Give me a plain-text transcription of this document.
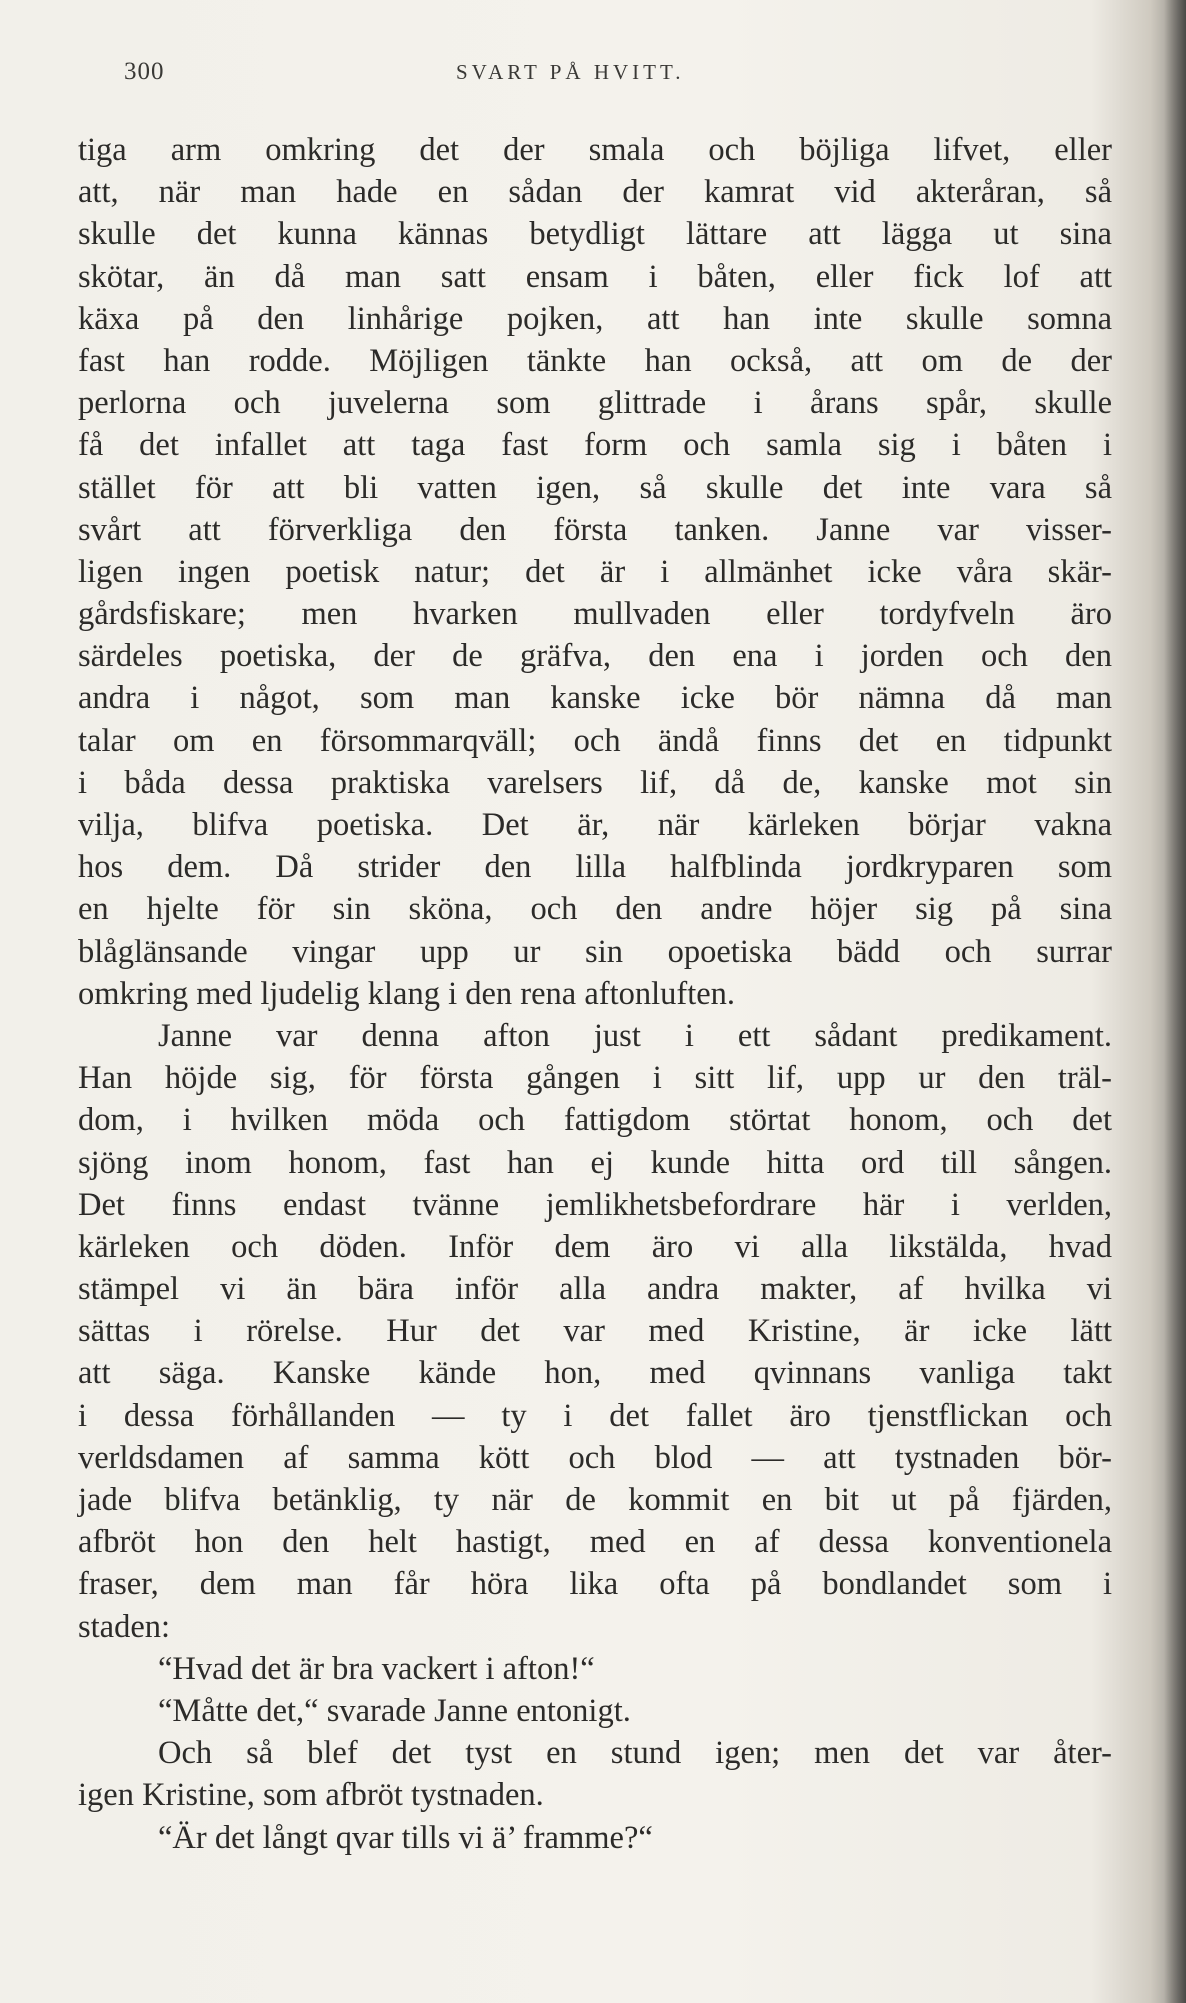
300	SVART PÅ HVITT.
tiga arm omkring det der smala och böjliga lifvet, eller
att, när man hade en sådan der kamrat vid akteråran, så
skulle det kunna kännas betydligt lättare att lägga ut sina
skötar, än då man satt ensam i båten, eller fick lof att
käxa på den linhårige pojken, att han inte skulle somna
fast han rodde. Möjligen tänkte han också, att om de der
perlorna och juvelerna som glittrade i årans spår, skulle
få det infallet att taga fast form och samla sig i båten i
stället för att bli vatten igen, så skulle det inte vara så
svårt att förverkliga den första tanken. Janne var visser-
ligen ingen poetisk natur; det är i allmänhet icke våra skär-
gårdsfiskare; men hvarken mullvaden eller tordyfveln äro
särdeles poetiska, der de gräfva, den ena i jorden och den
andra i något, som man kanske icke bör nämna då man
talar om en försommarqväll; och ändå finns det en tidpunkt
i båda dessa praktiska varelsers lif, då de, kanske mot sin
vilja, blifva poetiska. Det är, när kärleken börjar vakna
hos dem. Då strider den lilla halfblinda jordkryparen som
en hjelte för sin sköna, och den andre höjer sig på sina
blåglänsande vingar upp ur sin opoetiska bädd och surrar
omkring med ljudelig klang i den rena aftonluften.
Janne var denna afton just i ett sådant predikament.
Han höjde sig, för första gången i sitt lif, upp ur den träl-
dom, i hvilken möda och fattigdom störtat honom, och det
sjöng inom honom, fast han ej kunde hitta ord till sången.
Det finns endast tvänne jemlikhetsbefordrare här i verlden,
kärleken och döden. Inför dem äro vi alla likstälda, hvad
stämpel vi än bära inför alla andra makter, af hvilka vi
sättas i rörelse. Hur det var med Kristine, är icke lätt
att säga. Kanske kände hon, med qvinnans vanliga takt
i dessa förhållanden — ty i det fallet äro tjenstflickan och
verldsdamen af samma kött och blod — att tystnaden bör-
jade blifva betänklig, ty när de kommit en bit ut på fjärden,
afbröt hon den helt hastigt, med en af dessa konventionela
fraser, dem man får höra lika ofta på bondlandet som i
staden:
“Hvad det är bra vackert i afton!“
“Måtte det,“ svarade Janne entonigt.
Och så blef det tyst en stund igen; men det var åter-
igen Kristine, som afbröt tystnaden.
“Är det långt qvar tills vi ä’ framme?“
